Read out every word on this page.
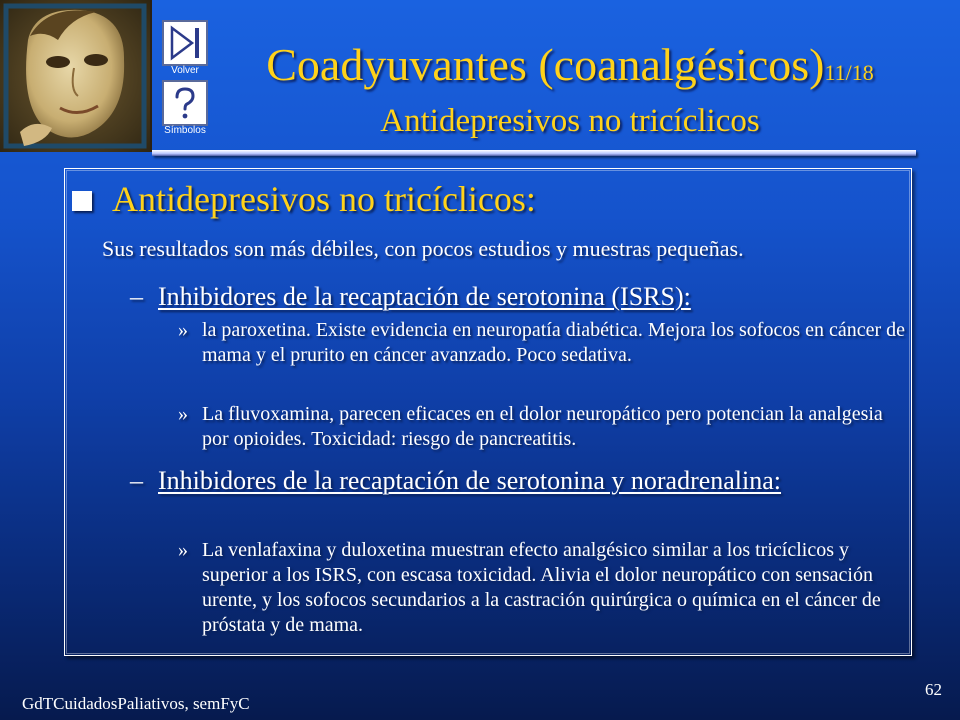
Volver
Símbolos
Coadyuvantes (coanalgésicos)11/18
Antidepresivos no tricíclicos
Antidepresivos no tricíclicos:
Sus resultados son más débiles, con pocos estudios y muestras pequeñas.
– Inhibidores de la recaptación de serotonina (ISRS):
» la paroxetina. Existe evidencia en neuropatía diabética. Mejora los sofocos en cáncer de mama y el prurito en cáncer avanzado. Poco sedativa.
» La fluvoxamina, parecen eficaces en el dolor neuropático pero potencian la analgesia por opioides. Toxicidad: riesgo de pancreatitis.
– Inhibidores de la recaptación de serotonina y noradrenalina:
» La venlafaxina y duloxetina muestran efecto analgésico similar a los tricíclicos y superior a los ISRS, con escasa toxicidad. Alivia el dolor neuropático con sensación urente, y los sofocos secundarios a la castración quirúrgica o química en el cáncer de próstata y de mama.
GdTCuidadosPaliativos, semFyC
62
